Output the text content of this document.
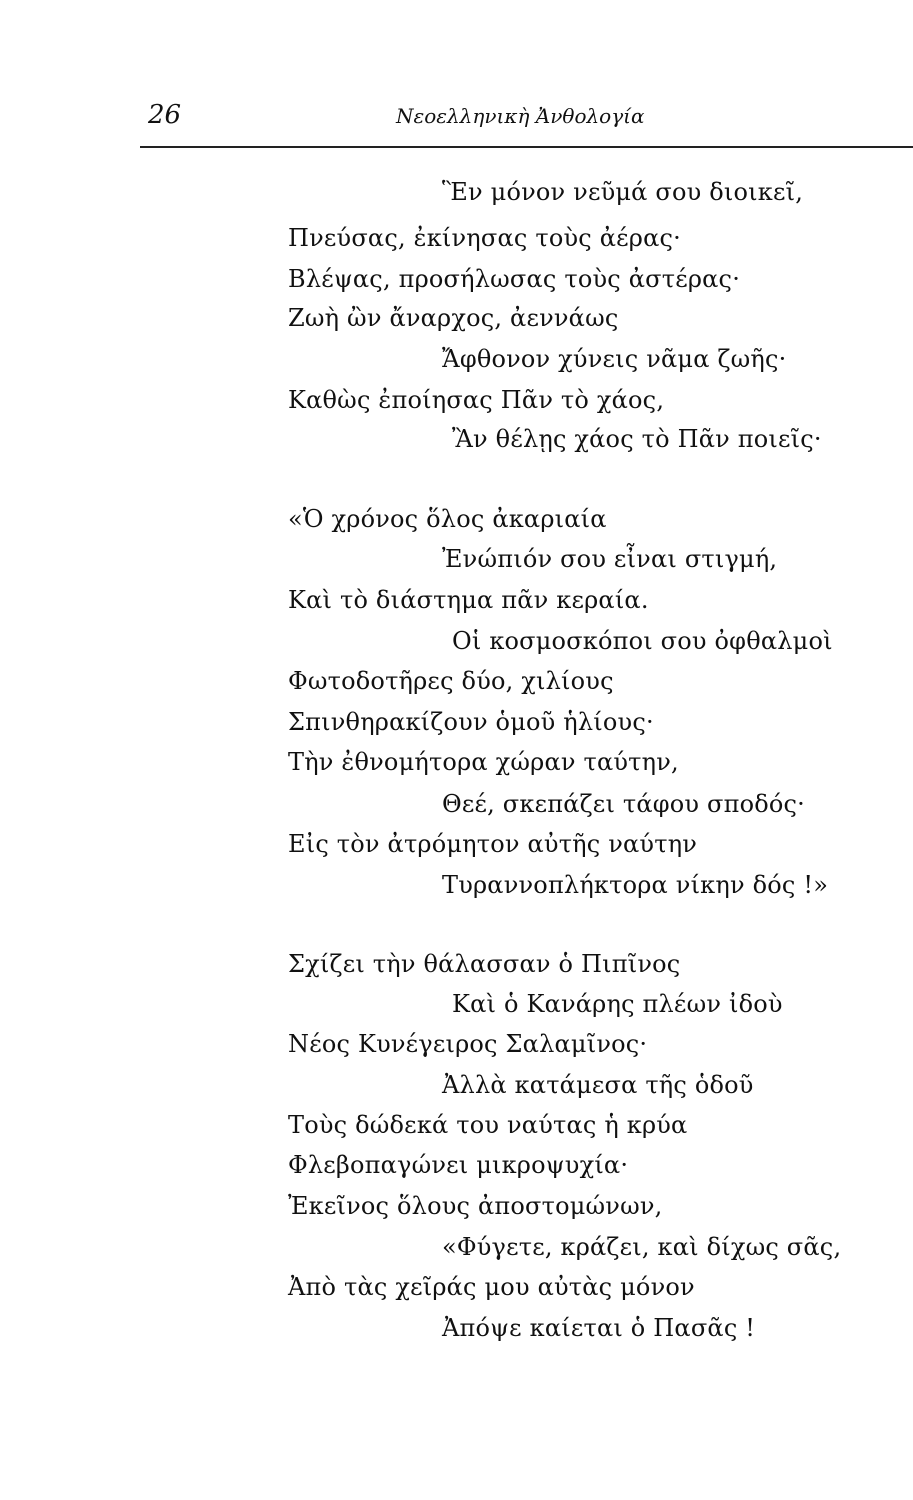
26	Νεοελληνικὴ Ἀνθολογία
Ἓν μόνον νεῦμά σου διοικεῖ,
Πνεύσας, ἐκίνησας τοὺς ἀέρας·
Βλέψας, προσήλωσας τοὺς ἀστέρας·
Ζωὴ ὢν ἄναρχος, ἀεννάως
Ἄφθονον χύνεις νᾶμα ζωῆς·
Καθὼς ἐποίησας Πᾶν τὸ χάος,
Ἂν θέλῃς χάος τὸ Πᾶν ποιεῖς·
«Ὁ χρόνος ὅλος ἀκαριαία
Ἐνώπιόν σου εἶναι στιγμή,
Καὶ τὸ διάστημα πᾶν κεραία.
Οἱ κοσμοσκόποι σου ὀφθαλμοὶ
Φωτοδοτῆρες δύο, χιλίους
Σπινθηρακίζουν ὁμοῦ ἡλίους·
Τὴν ἐθνομήτορα χώραν ταύτην,
Θεέ, σκεπάζει τάφου σποδός·
Εἰς τὸν ἀτρόμητον αὐτῆς ναύτην
Τυραννοπλήκτορα νίκην δός !»
Σχίζει τὴν θάλασσαν ὁ Πιπῖνος
Καὶ ὁ Κανάρης πλέων ἰδοὺ
Νέος Κυνέγειρος Σαλαμῖνος·
Ἀλλὰ κατάμεσα τῆς ὁδοῦ
Τοὺς δώδεκά του ναύτας ἡ κρύα
Φλεβοπαγώνει μικροψυχία·
Ἐκεῖνος ὅλους ἀποστομώνων,
«Φύγετε, κράζει, καὶ δίχως σᾶς,
Ἀπὸ τὰς χεῖράς μου αὐτὰς μόνον
Ἀπόψε καίεται ὁ Πασᾶς !
